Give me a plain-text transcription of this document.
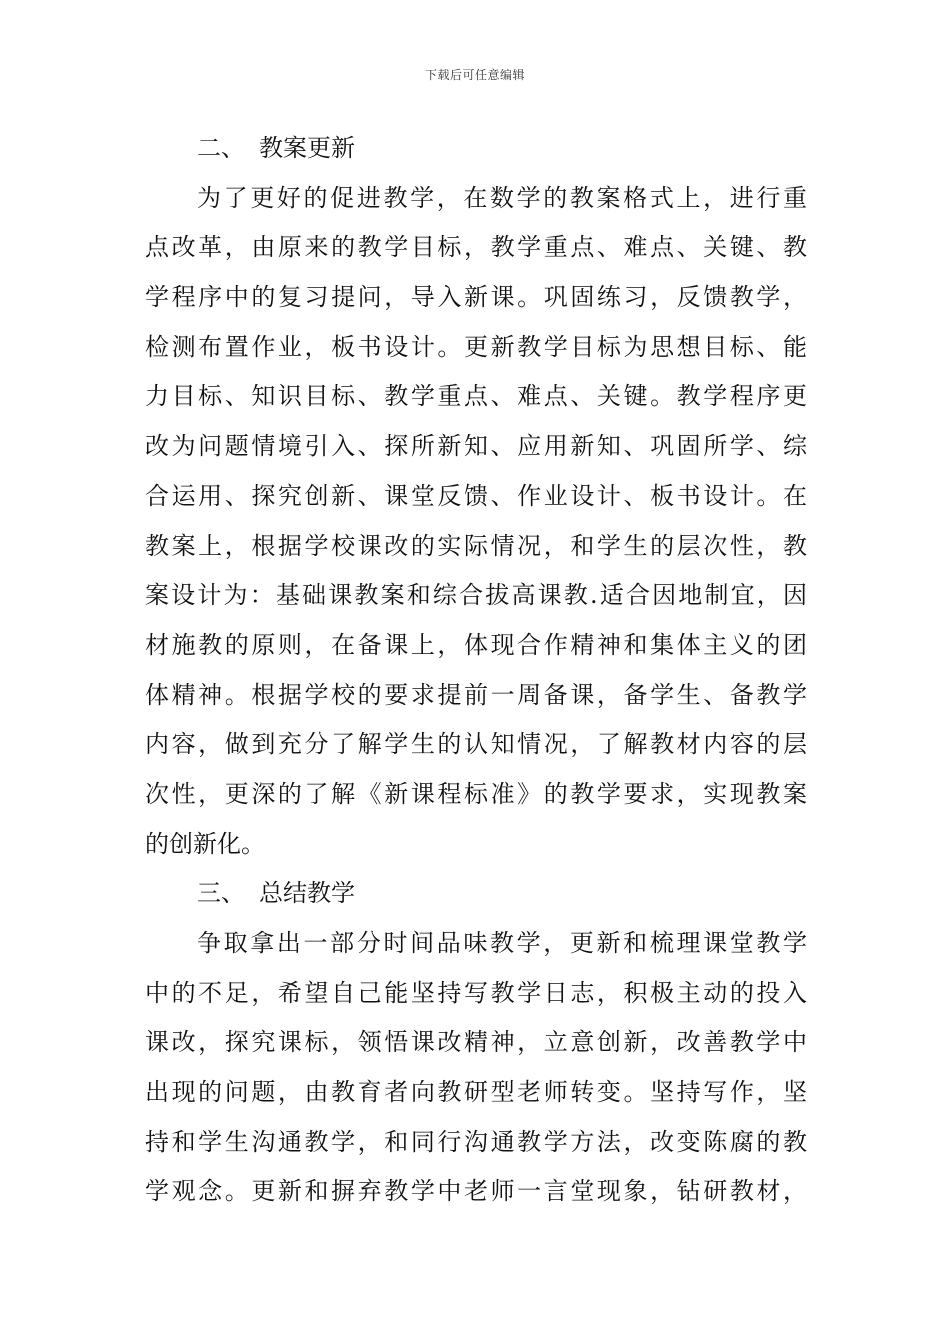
下载后可任意编辑
二、 教案更新
为了更好的促进教学，在数学的教案格式上，进行重
点改革，由原来的教学目标，教学重点、难点、关键、教
学程序中的复习提问，导入新课。巩固练习，反馈教学，
检测布置作业，板书设计。更新教学目标为思想目标、能
力目标、知识目标、教学重点、难点、关键。教学程序更
改为问题情境引入、探所新知、应用新知、巩固所学、综
合运用、探究创新、课堂反馈、作业设计、板书设计。在
教案上，根据学校课改的实际情况，和学生的层次性，教
案设计为：基础课教案和综合拔高课教.适合因地制宜，因
材施教的原则，在备课上，体现合作精神和集体主义的团
体精神。根据学校的要求提前一周备课，备学生、备教学
内容，做到充分了解学生的认知情况，了解教材内容的层
次性，更深的了解《新课程标准》的教学要求，实现教案
的创新化。
三、 总结教学
争取拿出一部分时间品味教学，更新和梳理课堂教学
中的不足，希望自己能坚持写教学日志，积极主动的投入
课改，探究课标，领悟课改精神，立意创新，改善教学中
出现的问题，由教育者向教研型老师转变。坚持写作，坚
持和学生沟通教学，和同行沟通教学方法，改变陈腐的教
学观念。更新和摒弃教学中老师一言堂现象，钻研教材，
